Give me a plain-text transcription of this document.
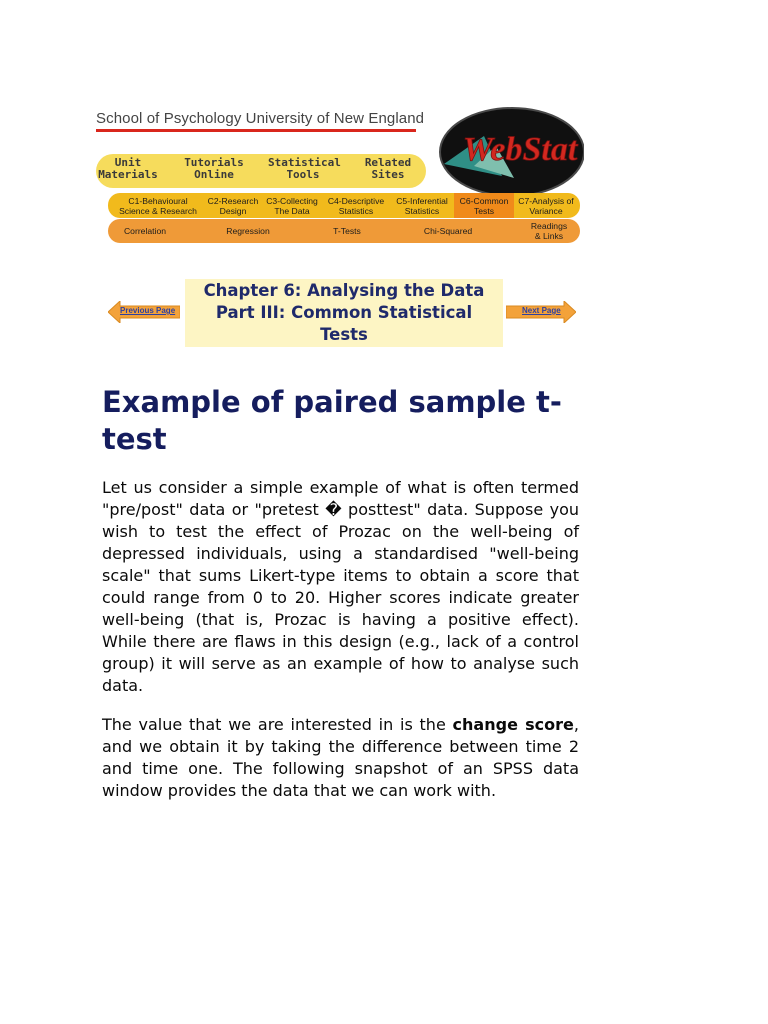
School of Psychology University of New England
WebStat
Unit
Materials
Tutorials
Online
Statistical
Tools
Related
Sites
C1-Behavioural
Science & Research
C2-Research
Design
C3-Collecting
The Data
C4-Descriptive
Statistics
C5-Inferential
Statistics
C6-Common
Tests
C7-Analysis of
Variance
Correlation	Regression	T-Tests	Chi-Squared	Readings
& Links
Previous Page
Chapter 6: Analysing the Data
Part III: Common Statistical
Tests
Next Page
Example of paired sample t-test

Let us consider a simple example of what is often termed "pre/post" data or "pretest � posttest" data. Suppose you wish to test the effect of Prozac on the well-being of depressed individuals, using a standardised "well-being scale" that sums Likert-type items to obtain a score that could range from 0 to 20. Higher scores indicate greater well-being (that is, Prozac is having a positive effect). While there are flaws in this design (e.g., lack of a control group) it will serve as an example of how to analyse such data.

The value that we are interested in is the change score, and we obtain it by taking the difference between time 2 and time one. The following snapshot of an SPSS data window provides the data that we can work with.
